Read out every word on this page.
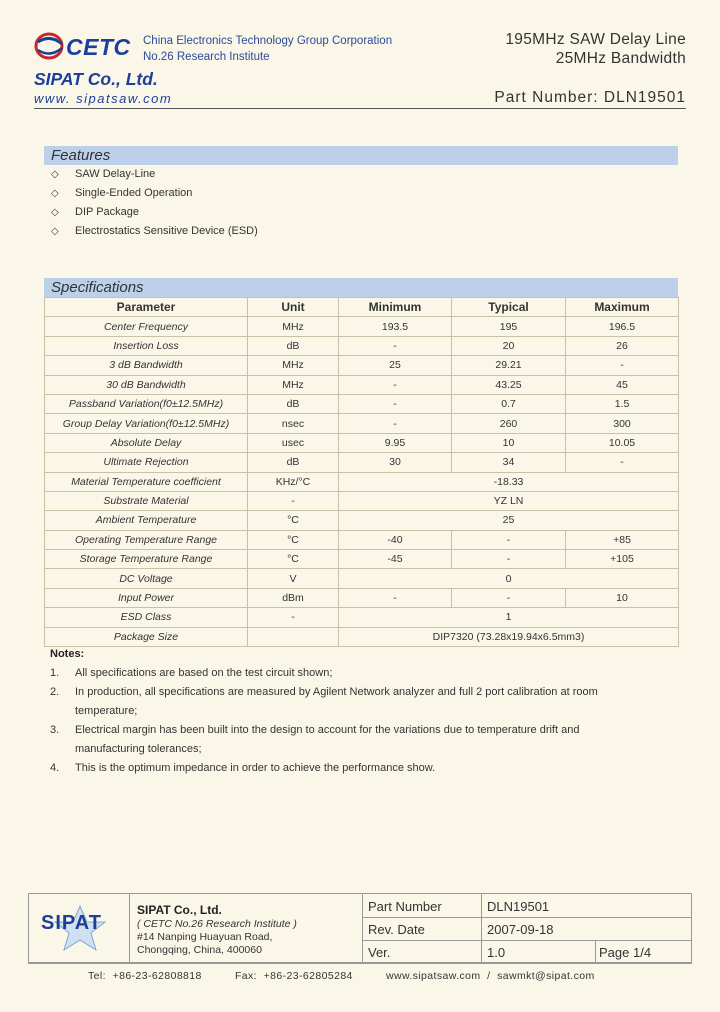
CETC China Electronics Technology Group Corporation
No.26 Research Institute
195MHz SAW Delay Line
25MHz Bandwidth
SIPAT Co., Ltd.
www. sipatsaw.com	Part Number: DLN19501
Features
◇ SAW Delay-Line
◇ Single-Ended Operation
◇ DIP Package
◇ Electrostatics Sensitive Device (ESD)
Specifications
Parameter	Unit	Minimum	Typical	Maximum
Center Frequency	MHz	193.5	195	196.5
Insertion Loss	dB	-	20	26
3 dB Bandwidth	MHz	25	29.21	-
30 dB Bandwidth	MHz	-	43.25	45
Passband Variation(f0±12.5MHz)	dB	-	0.7	1.5
Group Delay Variation(f0±12.5MHz)	nsec	-	260	300
Absolute Delay	usec	9.95	10	10.05
Ultimate Rejection	dB	30	34	-
Material Temperature coefficient	KHz/°C	-18.33		
Substrate Material	-	YZ LN		
Ambient Temperature	°C	25		
Operating Temperature Range	°C	-40	-	+85
Storage Temperature Range	°C	-45	-	+105
DC Voltage	V	0		
Input Power	dBm	-	-	10
ESD Class	-	1		
Package Size		DIP7320 (73.28x19.94x6.5mm3)		
Notes:
1. All specifications are based on the test circuit shown;
2. In production, all specifications are measured by Agilent Network analyzer and full 2 port calibration at room
temperature;
3. Electrical margin has been built into the design to account for the variations due to temperature drift and
manufacturing tolerances;
4. This is the optimum impedance in order to achieve the performance show.
SIPAT
SIPAT Co., Ltd.
( CETC No.26 Research Institute )
#14 Nanping Huayuan Road,
Chongqing, China, 400060
Part Number	DLN19501
Rev. Date	2007-09-18
Ver.	1.0	Page 1/4
Tel:  +86-23-62808818          Fax:  +86-23-62805284          www.sipatsaw.com  /  sawmkt@sipat.com
